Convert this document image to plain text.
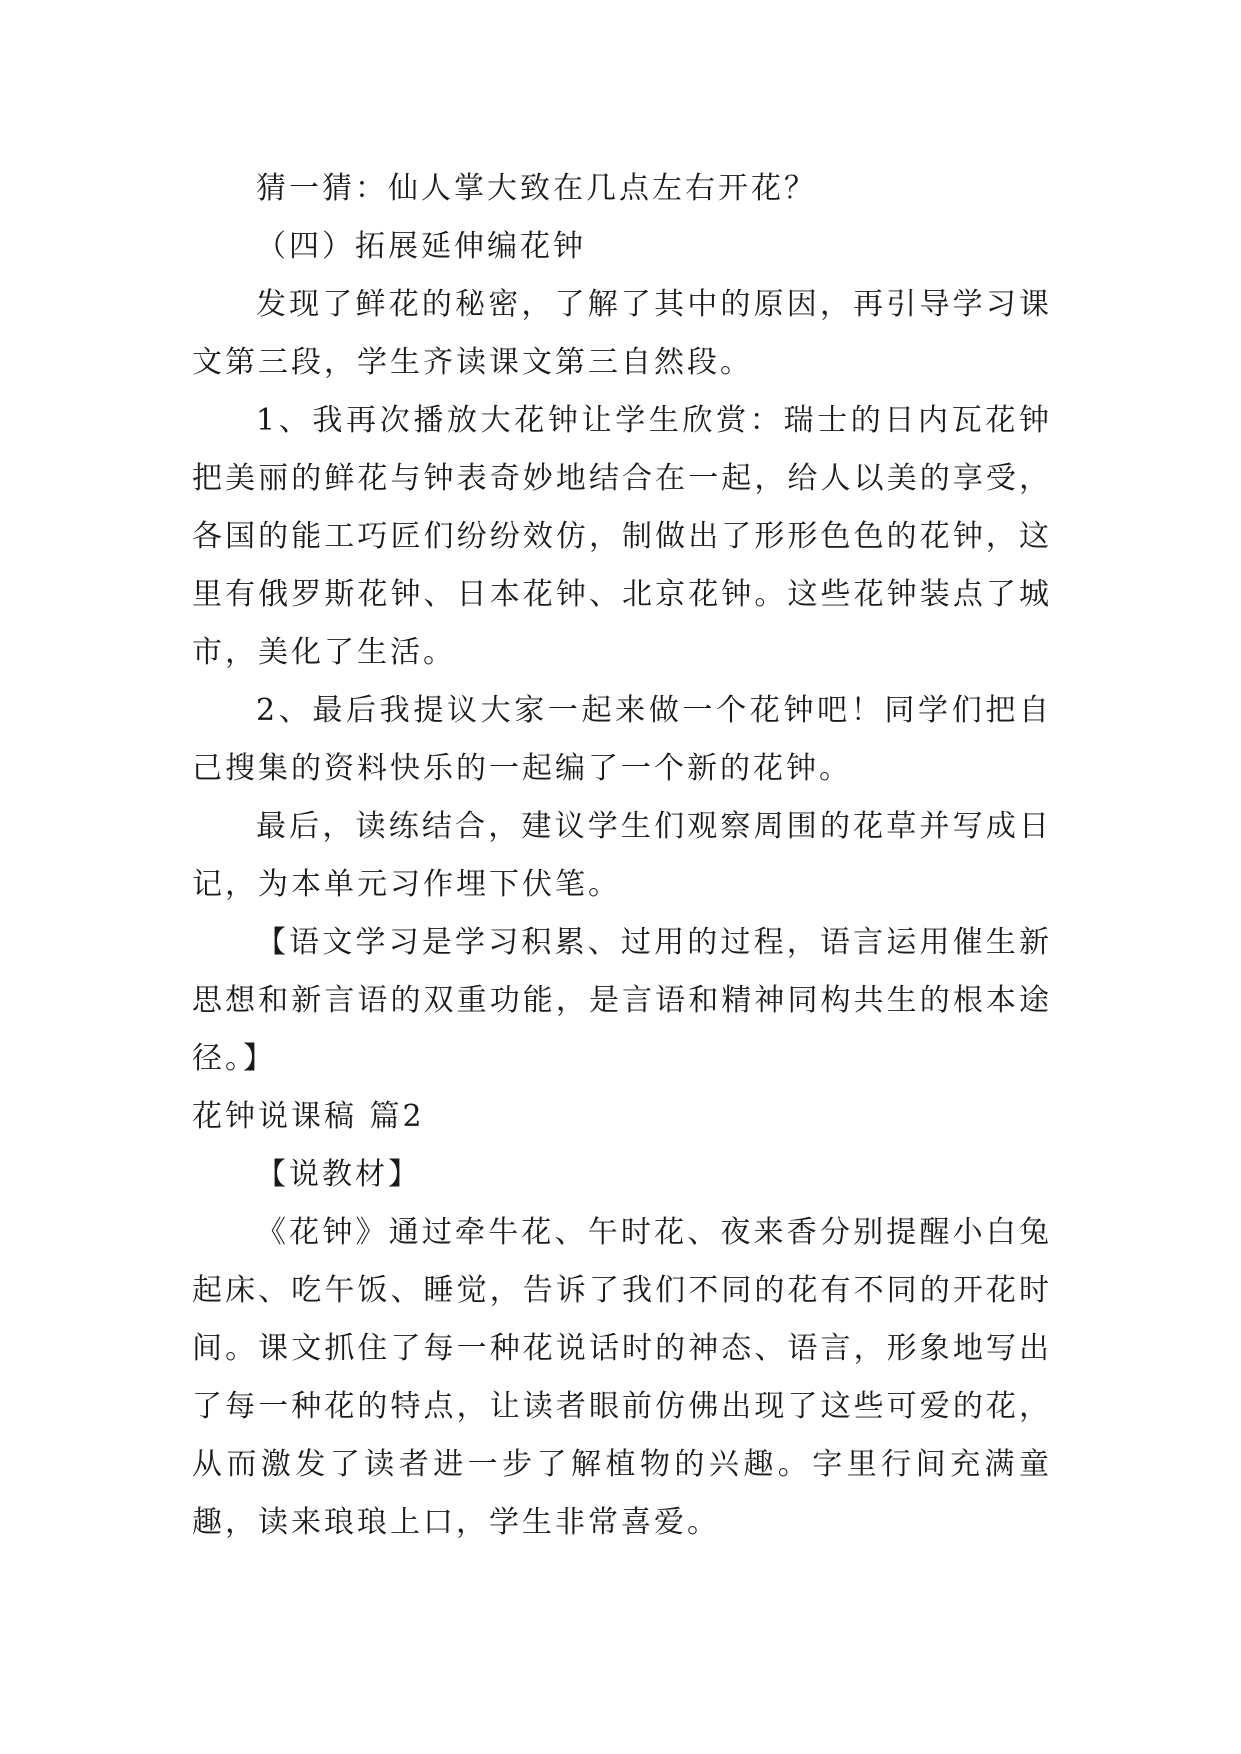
猜一猜：仙人掌大致在几点左右开花？

（四）拓展延伸编花钟

发现了鲜花的秘密，了解了其中的原因，再引导学习课文第三段，学生齐读课文第三自然段。

1、我再次播放大花钟让学生欣赏：瑞士的日内瓦花钟把美丽的鲜花与钟表奇妙地结合在一起，给人以美的享受，各国的能工巧匠们纷纷效仿，制做出了形形色色的花钟，这里有俄罗斯花钟、日本花钟、北京花钟。这些花钟装点了城市，美化了生活。

2、最后我提议大家一起来做一个花钟吧！同学们把自己搜集的资料快乐的一起编了一个新的花钟。

最后，读练结合，建议学生们观察周围的花草并写成日记，为本单元习作埋下伏笔。

【语文学习是学习积累、过用的过程，语言运用催生新思想和新言语的双重功能，是言语和精神同构共生的根本途径。】

花钟说课稿 篇2

【说教材】

《花钟》通过牵牛花、午时花、夜来香分别提醒小白兔起床、吃午饭、睡觉，告诉了我们不同的花有不同的开花时间。课文抓住了每一种花说话时的神态、语言，形象地写出了每一种花的特点，让读者眼前仿佛出现了这些可爱的花，从而激发了读者进一步了解植物的兴趣。字里行间充满童趣，读来琅琅上口，学生非常喜爱。
